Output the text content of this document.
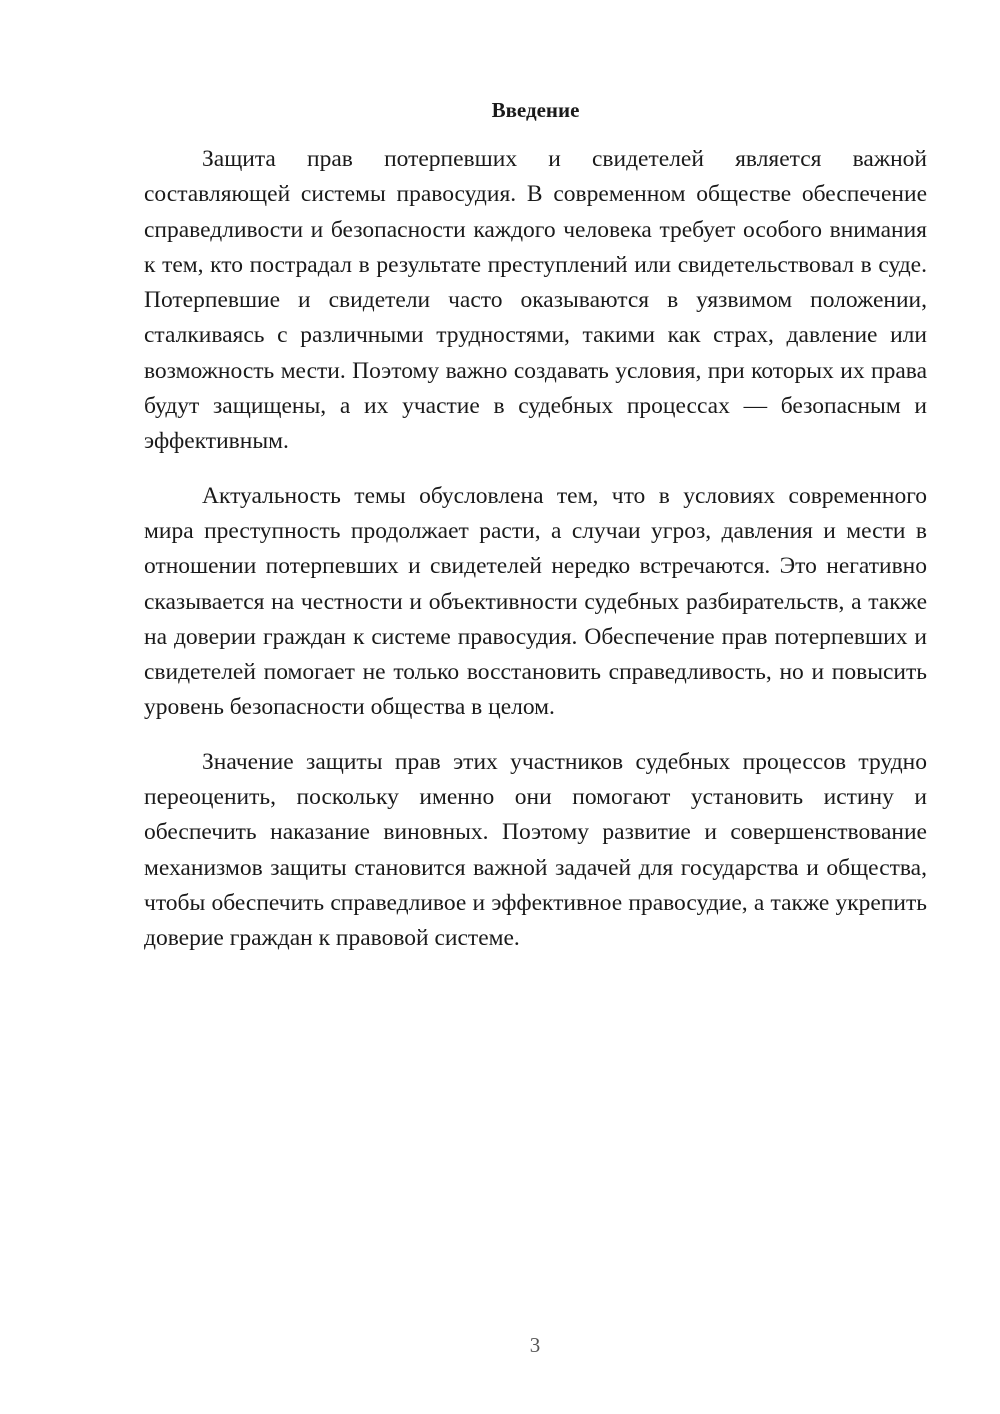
Введение

Защита прав потерпевших и свидетелей является важной составляющей системы правосудия. В современном обществе обеспечение справедливости и безопасности каждого человека требует особого внимания к тем, кто пострадал в результате преступлений или свидетельствовал в суде. Потерпевшие и свидетели часто оказываются в уязвимом положении, сталкиваясь с различными трудностями, такими как страх, давление или возможность мести. Поэтому важно создавать условия, при которых их права будут защищены, а их участие в судебных процессах — безопасным и эффективным.

Актуальность темы обусловлена тем, что в условиях современного мира преступность продолжает расти, а случаи угроз, давления и мести в отношении потерпевших и свидетелей нередко встречаются. Это негативно сказывается на честности и объективности судебных разбирательств, а также на доверии граждан к системе правосудия. Обеспечение прав потерпевших и свидетелей помогает не только восстановить справедливость, но и повысить уровень безопасности общества в целом.

Значение защиты прав этих участников судебных процессов трудно переоценить, поскольку именно они помогают установить истину и обеспечить наказание виновных. Поэтому развитие и совершенствование механизмов защиты становится важной задачей для государства и общества, чтобы обеспечить справедливое и эффективное правосудие, а также укрепить доверие граждан к правовой системе.

3
